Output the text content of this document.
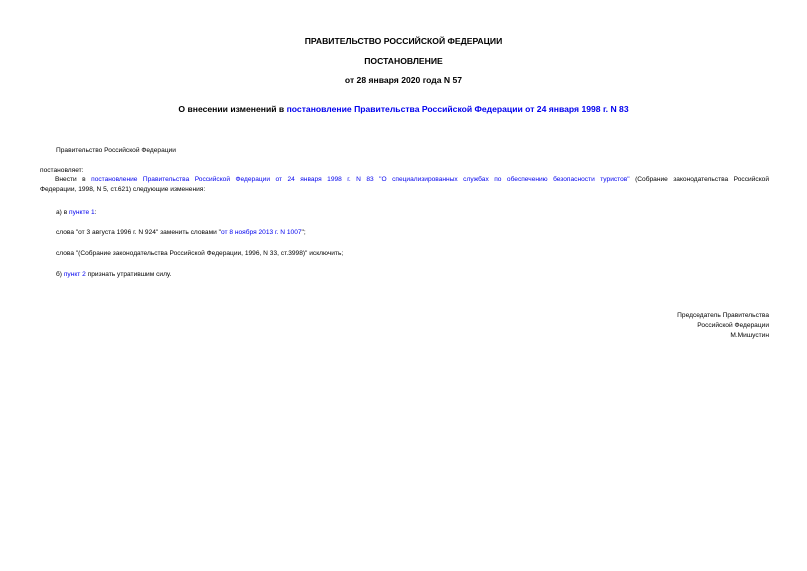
ПРАВИТЕЛЬСТВО РОССИЙСКОЙ ФЕДЕРАЦИИ
ПОСТАНОВЛЕНИЕ
от 28 января 2020 года N 57
О внесении изменений в постановление Правительства Российской Федерации от 24 января 1998 г. N 83
Правительство Российской Федерации
постановляет:
Внести в постановление Правительства Российской Федерации от 24 января 1998 г. N 83 "О специализированных службах по обеспечению безопасности туристов" (Собрание законодательства Российской
Федерации, 1998, N 5, ст.621) следующие изменения:
а) в пункте 1:
слова "от 3 августа 1996 г. N 924" заменить словами "от 8 ноября 2013 г. N 1007";
слова "(Собрание законодательства Российской Федерации, 1996, N 33, ст.3998)" исключить;
б) пункт 2 признать утратившим силу.
Председатель Правительства
Российской Федерации
М.Мишустин
